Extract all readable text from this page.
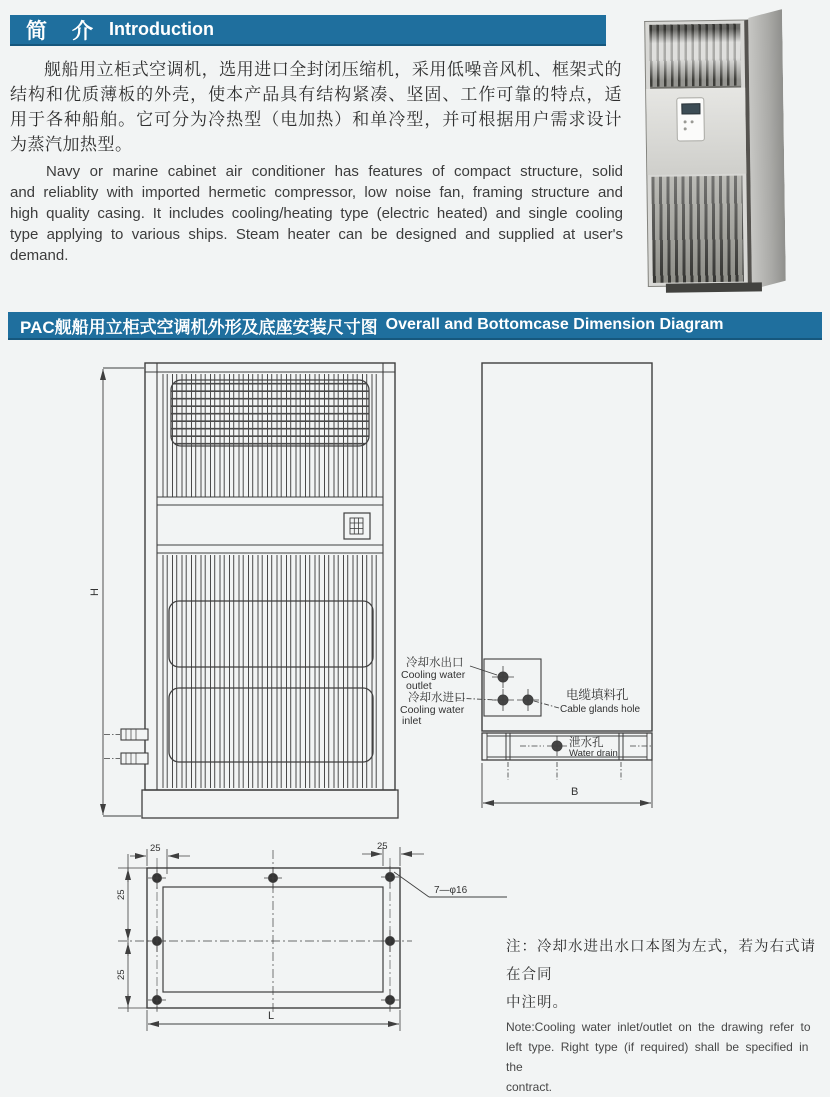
简　介 Introduction
舰船用立柜式空调机，选用进口全封闭压缩机，采用低噪音风机、框架式的结构和优质薄板的外壳，使本产品具有结构紧凑、坚固、工作可靠的特点，适用于各种船舶。它可分为冷热型（电加热）和单冷型，并可根据用户需求设计为蒸汽加热型。
Navy or marine cabinet air conditioner has features of compact structure, solid and reliablity with imported hermetic compressor, low noise fan, framing structure and high quality casing. It includes cooling/heating type (electric heated) and single cooling type applying to various ships. Steam heater can be designed and supplied at user's demand.
PAC舰船用立柜式空调机外形及底座安装尺寸图 Overall and Bottomcase Dimension Diagram
H
冷却水出口
Cooling water
outlet
冷却水进口
Cooling water
inlet
电缆填料孔
Cable glands hole
泄水孔
Water drain
B
25	25
25
25
L
7—φ16
注：冷却水进出水口本图为左式，若为右式请在合同
中注明。
Note:Cooling water inlet/outlet on the drawing refer to
left type. Right type (if required) shall be specified in the
contract.
